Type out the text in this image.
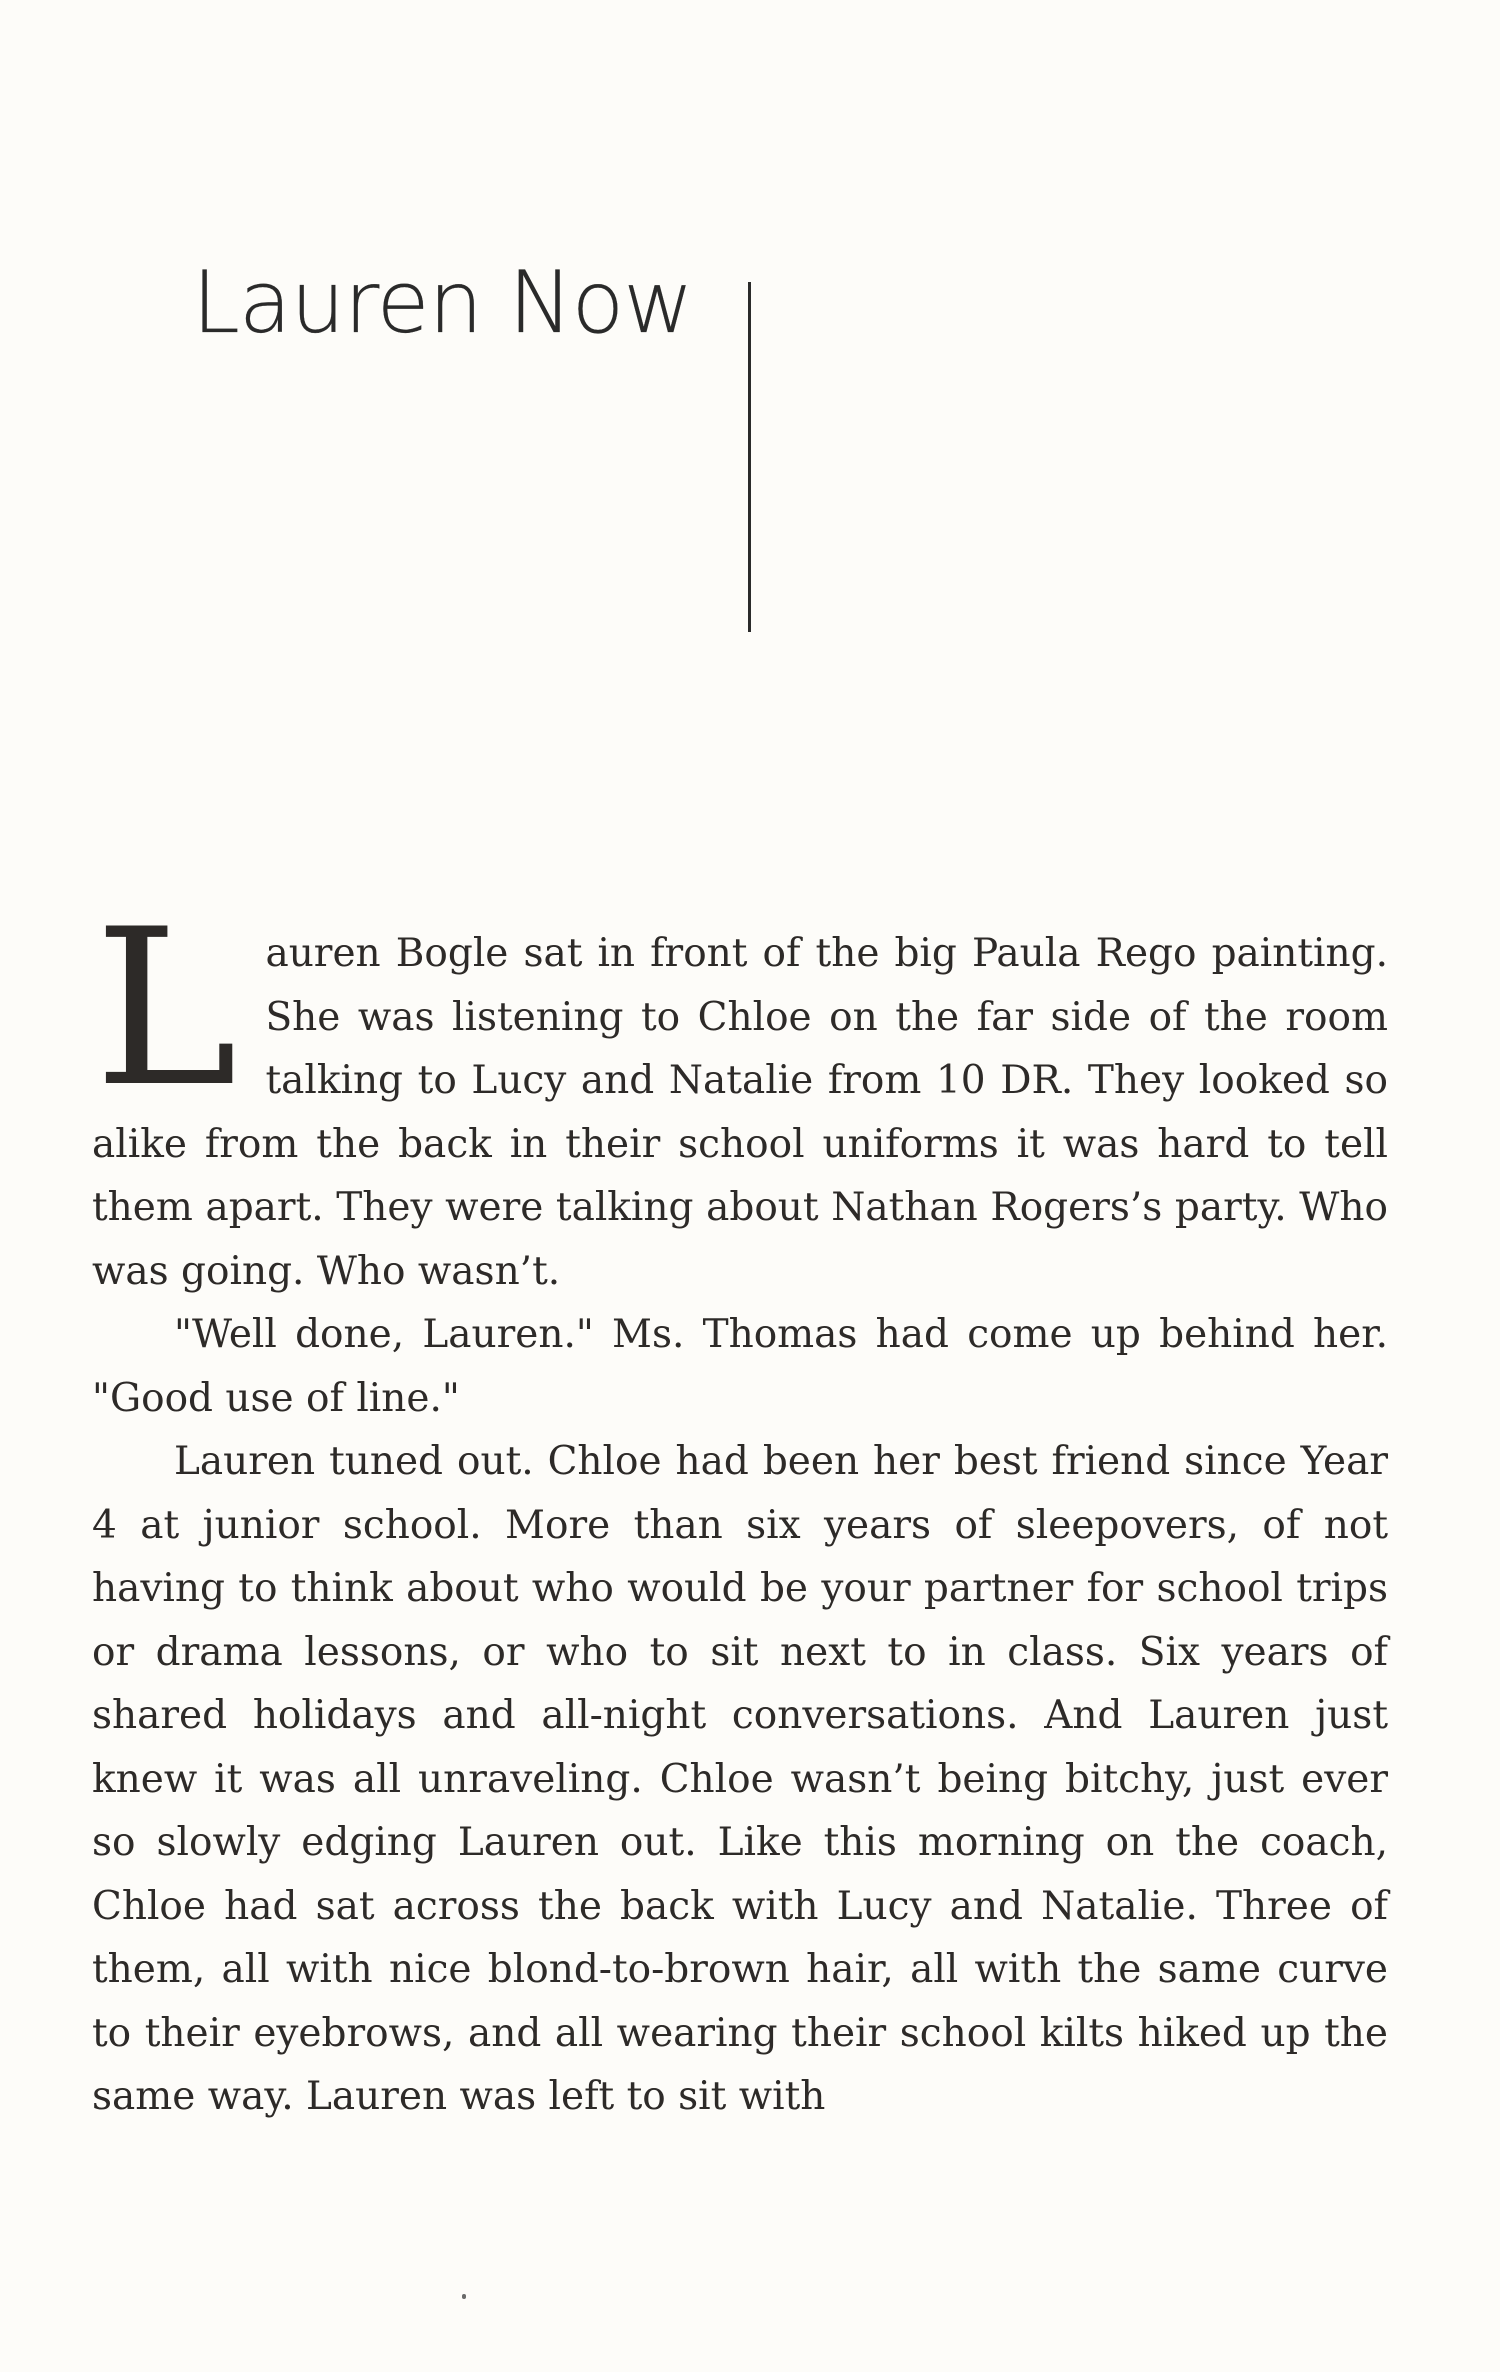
Lauren Now

Lauren Bogle sat in front of the big Paula Rego painting. She was listening to Chloe on the far side of the room talking to Lucy and Natalie from 10 DR. They looked so alike from the back in their school uniforms it was hard to tell them apart. They were talking about Nathan Rogers’s party. Who was going. Who wasn’t.

"Well done, Lauren." Ms. Thomas had come up behind her. "Good use of line."

Lauren tuned out. Chloe had been her best friend since Year 4 at junior school. More than six years of sleepovers, of not having to think about who would be your partner for school trips or drama lessons, or who to sit next to in class. Six years of shared holidays and all-night conversations. And Lauren just knew it was all unraveling. Chloe wasn’t being bitchy, just ever so slowly edging Lauren out. Like this morning on the coach, Chloe had sat across the back with Lucy and Natalie. Three of them, all with nice blond-to-brown hair, all with the same curve to their eyebrows, and all wearing their school kilts hiked up the same way. Lauren was left to sit with
